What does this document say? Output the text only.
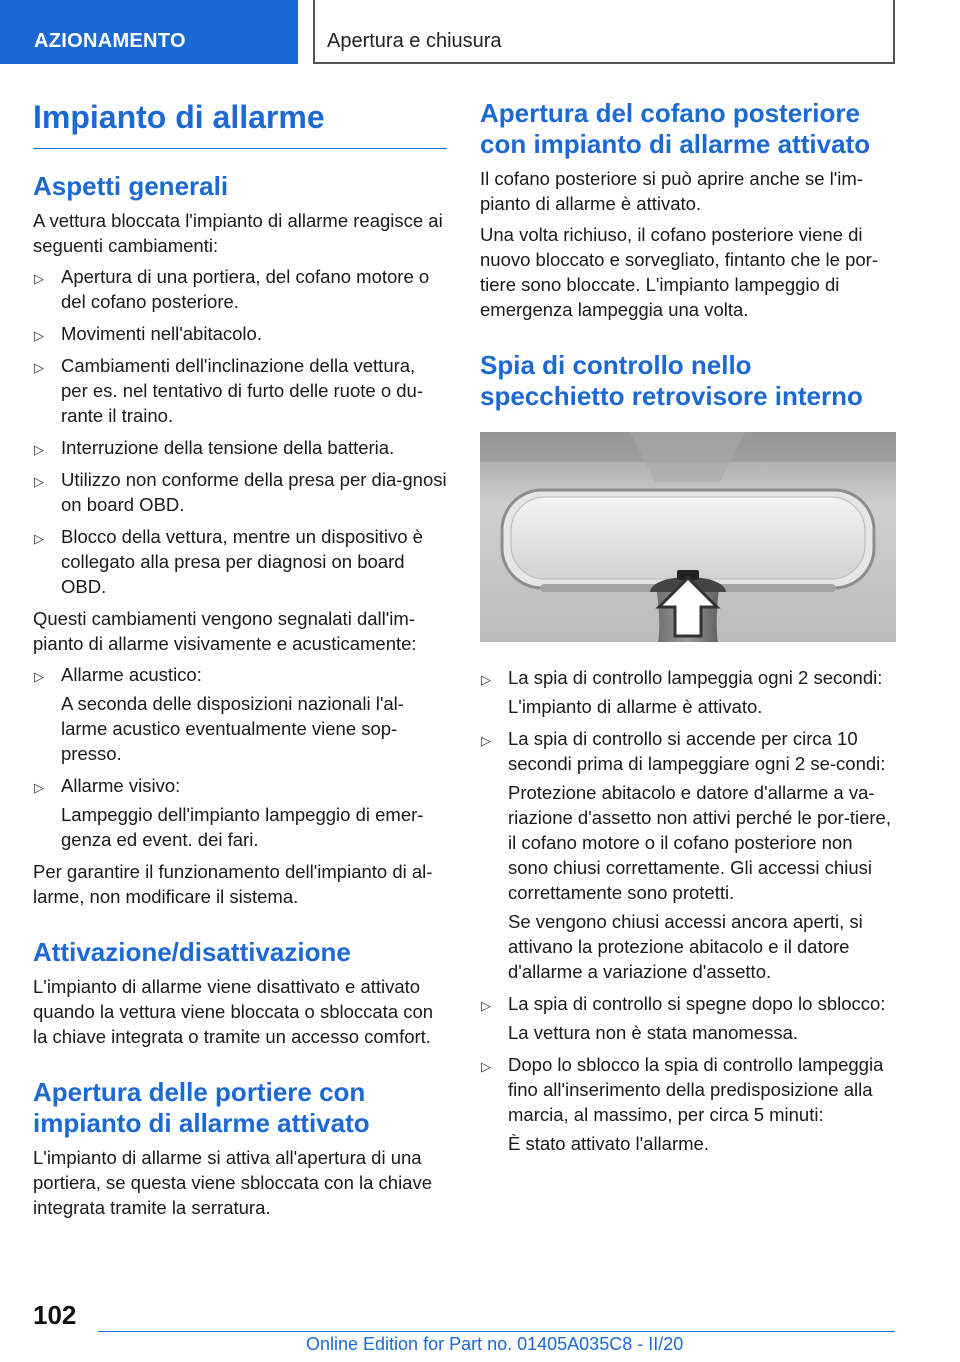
AZIONAMENTO	Apertura e chiusura
Impianto di allarme
Aspetti generali

A vettura bloccata l'impianto di allarme reagisce ai seguenti cambiamenti:

▷ Apertura di una portiera, del cofano motore o del cofano posteriore.
▷ Movimenti nell'abitacolo.
▷ Cambiamenti dell'inclinazione della vettura, per es. nel tentativo di furto delle ruote o du-rante il traino.
▷ Interruzione della tensione della batteria.
▷ Utilizzo non conforme della presa per dia-gnosi on board OBD.
▷ Blocco della vettura, mentre un dispositivo è collegato alla presa per diagnosi on board OBD.

Questi cambiamenti vengono segnalati dall'im-pianto di allarme visivamente e acusticamente:

▷ Allarme acustico:

A seconda delle disposizioni nazionali l'al-larme acustico eventualmente viene sop-presso.

▷ Allarme visivo:

Lampeggio dell'impianto lampeggio di emer-genza ed event. dei fari.

Per garantire il funzionamento dell'impianto di al-larme, non modificare il sistema.

Attivazione/disattivazione

L'impianto di allarme viene disattivato e attivato quando la vettura viene bloccata o sbloccata con la chiave integrata o tramite un accesso comfort.

Apertura delle portiere con impianto di allarme attivato

L'impianto di allarme si attiva all'apertura di una portiera, se questa viene sbloccata con la chiave integrata tramite la serratura.

Apertura del cofano posteriore con impianto di allarme attivato

Il cofano posteriore si può aprire anche se l'im-pianto di allarme è attivato.

Una volta richiuso, il cofano posteriore viene di nuovo bloccato e sorvegliato, fintanto che le por-tiere sono bloccate. L'impianto lampeggio di emergenza lampeggia una volta.

Spia di controllo nello specchietto retrovisore interno
▷ La spia di controllo lampeggia ogni 2 secondi:

L'impianto di allarme è attivato.

▷ La spia di controllo si accende per circa 10 secondi prima di lampeggiare ogni 2 se-condi:

Protezione abitacolo e datore d'allarme a va-riazione d'assetto non attivi perché le por-tiere, il cofano motore o il cofano posteriore non sono chiusi correttamente. Gli accessi chiusi correttamente sono protetti.

Se vengono chiusi accessi ancora aperti, si attivano la protezione abitacolo e il datore d'allarme a variazione d'assetto.

▷ La spia di controllo si spegne dopo lo sblocco:

La vettura non è stata manomessa.

▷ Dopo lo sblocco la spia di controllo lampeggia fino all'inserimento della predisposizione alla marcia, al massimo, per circa 5 minuti:

È stato attivato l'allarme.

102
Online Edition for Part no. 01405A035C8 - II/20
